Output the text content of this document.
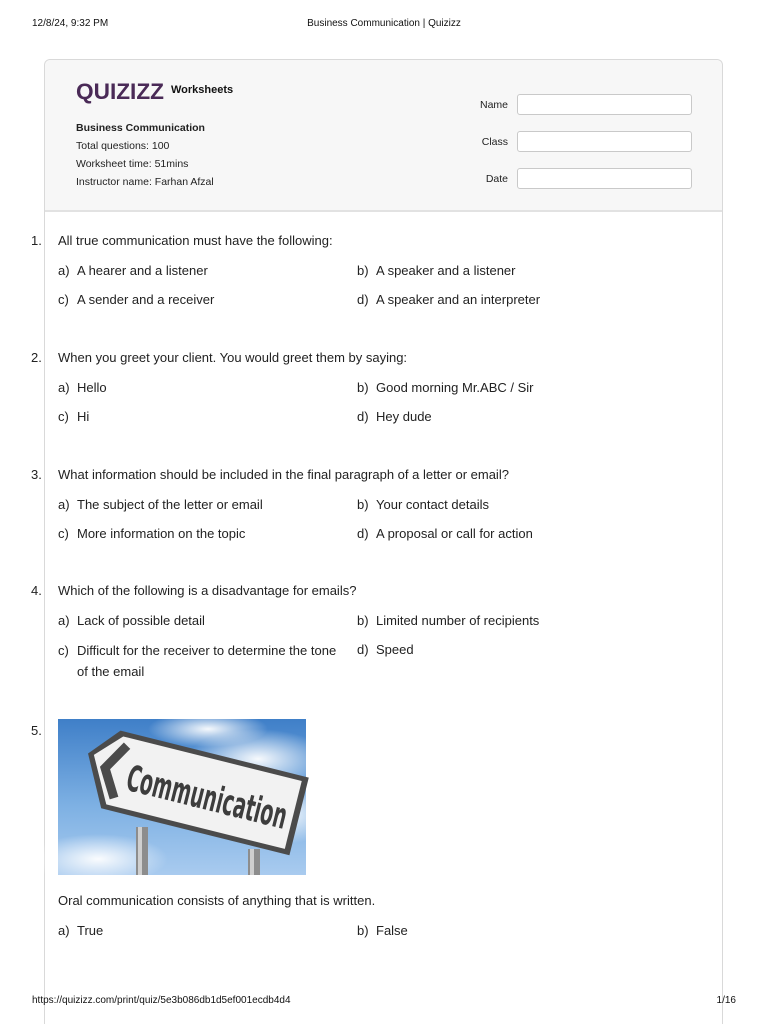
12/8/24, 9:32 PM	Business Communication | Quizizz
QUIZIZZ Worksheets
Business Communication
Total questions: 100
Worksheet time: 51mins
Instructor name: Farhan Afzal
Name
Class
Date
1.	All true communication must have the following:
a) A hearer and a listener	b) A speaker and a listener
c) A sender and a receiver	d) A speaker and an interpreter
2.	When you greet your client. You would greet them by saying:
a) Hello	b) Good morning Mr.ABC / Sir
c) Hi	d) Hey dude
3.	What information should be included in the final paragraph of a letter or email?
a) The subject of the letter or email	b) Your contact details
c) More information on the topic	d) A proposal or call for action
4.	Which of the following is a disadvantage for emails?
a) Lack of possible detail	b) Limited number of recipients
c) Difficult for the receiver to determine the tone of the email
d) Speed
5.
Communication
Oral communication consists of anything that is written.
a) True	b) False
https://quizizz.com/print/quiz/5e3b086db1d5ef001ecdb4d4	1/16
